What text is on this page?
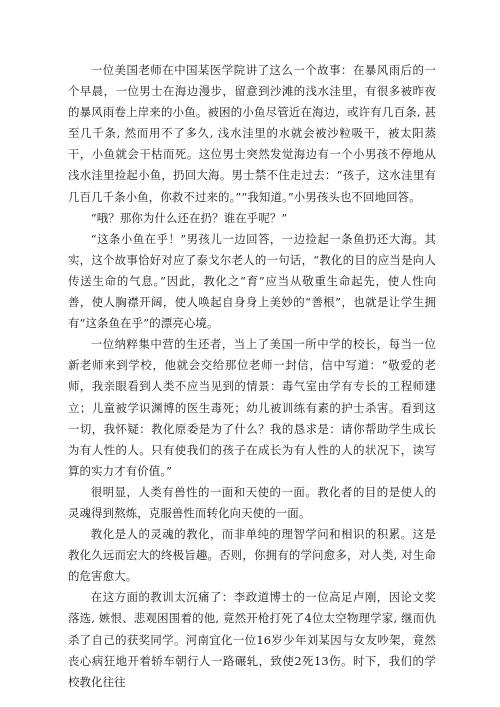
一位美国老师在中国某医学院讲了这么一个故事：在暴风雨后的一个早晨，一位男士在海边漫步，留意到沙滩的浅水洼里，有很多被昨夜的暴风雨卷上岸来的小鱼。被困的小鱼尽管近在海边，或许有几百条, 甚至几千条, 然而用不了多久, 浅水洼里的水就会被沙粒吸干，被太阳蒸干，小鱼就会干枯而死。这位男士突然发觉海边有一个小男孩不停地从浅水洼里捡起小鱼，扔回大海。男士禁不住走过去：“孩子，这水洼里有几百几千条小鱼，你救不过来的。”“我知道。”小男孩头也不回地回答。

“哦？那你为什么还在扔？谁在乎呢？”

“这条小鱼在乎！”男孩儿一边回答，一边捡起一条鱼扔还大海。其实，这个故事恰好对应了泰戈尔老人的一句话，“教化的目的应当是向人传送生命的气息。”因此，教化之“育”应当从敬重生命起先，使人性向善，使人胸襟开阔，使人唤起自身身上美妙的“善根”，也就是让学生拥有“这条鱼在乎”的漂亮心境。

一位纳粹集中营的生还者，当上了美国一所中学的校长，每当一位新老师来到学校，他就会交给那位老师一封信，信中写道：“敬爱的老师，我亲眼看到人类不应当见到的情景：毒气室由学有专长的工程师建立；儿童被学识渊博的医生毒死；幼儿被训练有素的护士杀害。看到这一切，我怀疑：教化原委是为了什么？我的恳求是：请你帮助学生成长为有人性的人。只有使我们的孩子在成长为有人性的人的状况下，读写算的实力才有价值。”

很明显，人类有兽性的一面和天使的一面。教化者的目的是使人的灵魂得到熬炼，克服兽性而转化向天使的一面。

教化是人的灵魂的教化，而非单纯的理智学问和相识的积累。这是教化久远而宏大的终极旨趣。否则，你拥有的学问愈多，对人类, 对生命的危害愈大。

在这方面的教训太沉痛了：李政道博士的一位高足卢刚，因论文奖落选, 嫉恨、悲观困围着的他, 竟然开枪打死了4位太空物理学家, 继而仇杀了自己的获奖同学。河南宜化一位16岁少年刘某因与女友吵架，竟然丧心病狂地开着轿车朝行人一路碾轧，致使2死13伤。时下，我们的学校教化往往
